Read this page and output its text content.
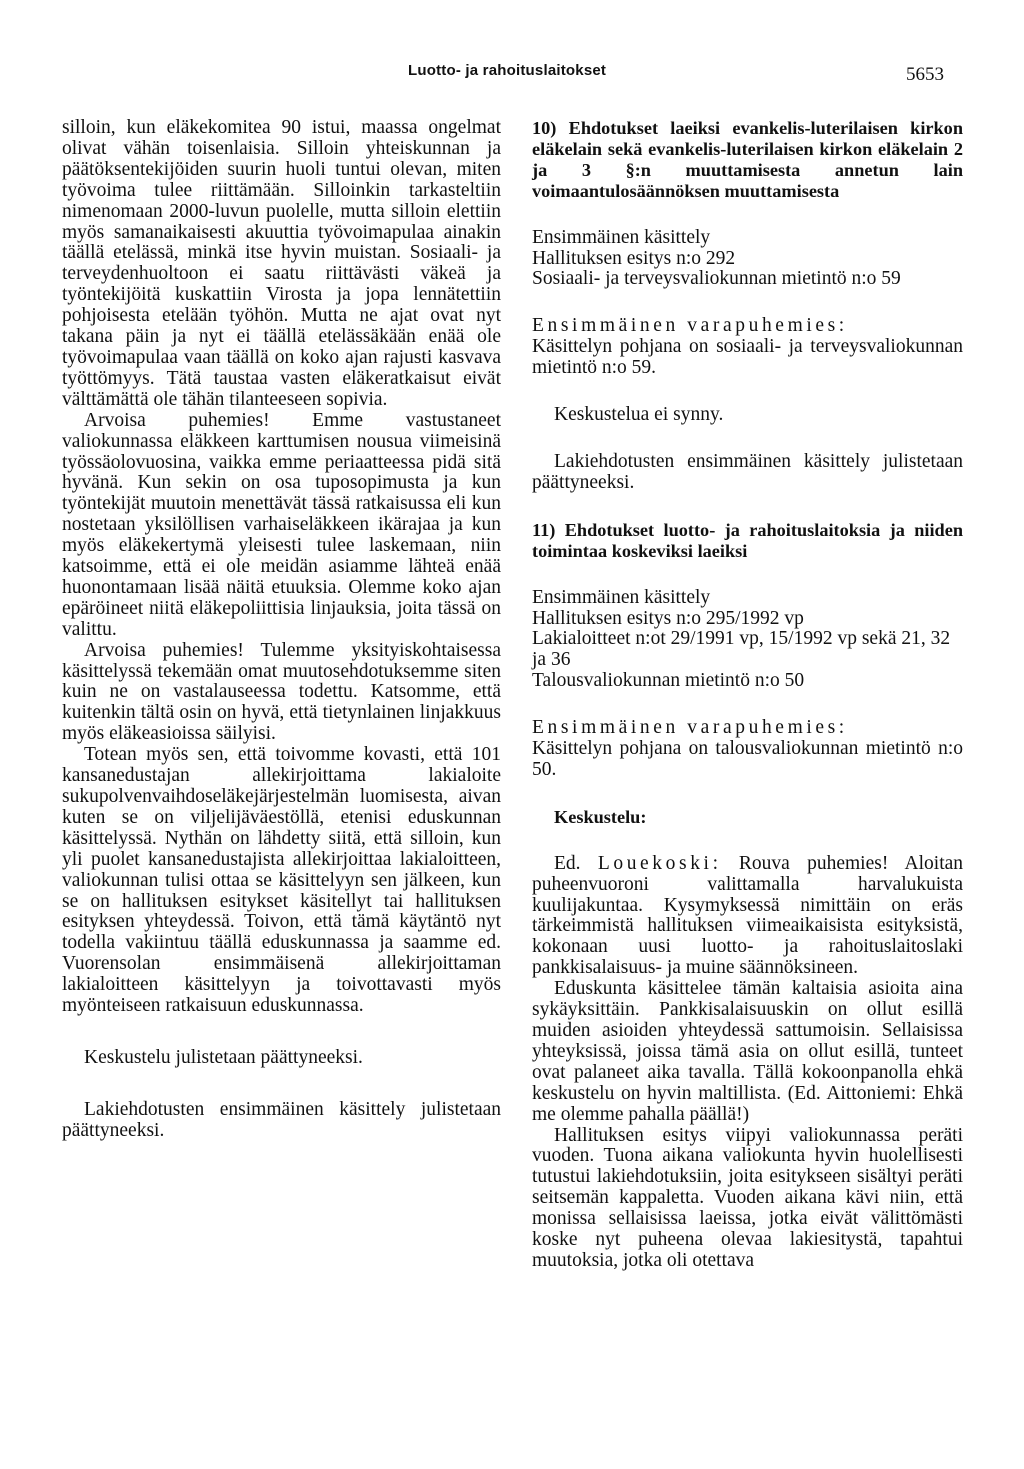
Luotto- ja rahoituslaitokset	5653

silloin, kun eläkekomitea 90 istui, maassa ongelmat olivat vähän toisenlaisia. Silloin yhteiskunnan ja päätöksentekijöiden suurin huoli tuntui olevan, miten työvoima tulee riittämään. Silloinkin tarkasteltiin nimenomaan 2000-luvun puolelle, mutta silloin elettiin myös samanaikaisesti akuuttia työvoimapulaa ainakin täällä etelässä, minkä itse hyvin muistan. Sosiaali- ja terveydenhuoltoon ei saatu riittävästi väkeä ja työntekijöitä kuskattiin Virosta ja jopa lennätettiin pohjoisesta etelään työhön. Mutta ne ajat ovat nyt takana päin ja nyt ei täällä etelässäkään enää ole työvoimapulaa vaan täällä on koko ajan rajusti kasvava työttömyys. Tätä taustaa vasten eläkeratkaisut eivät välttämättä ole tähän tilanteeseen sopivia.

Arvoisa puhemies! Emme vastustaneet valiokunnassa eläkkeen karttumisen nousua viimeisinä työssäolovuosina, vaikka emme periaatteessa pidä sitä hyvänä. Kun sekin on osa tuposopimusta ja kun työntekijät muutoin menettävät tässä ratkaisussa eli kun nostetaan yksilöllisen varhaiseläkkeen ikärajaa ja kun myös eläkekertymä yleisesti tulee laskemaan, niin katsoimme, että ei ole meidän asiamme lähteä enää huonontamaan lisää näitä etuuksia. Olemme koko ajan epäröineet niitä eläkepoliittisia linjauksia, joita tässä on valittu.

Arvoisa puhemies! Tulemme yksityiskohtaisessa käsittelyssä tekemään omat muutosehdotuksemme siten kuin ne on vastalauseessa todettu. Katsomme, että kuitenkin tältä osin on hyvä, että tietynlainen linjakkuus myös eläkeasioissa säilyisi.

Totean myös sen, että toivomme kovasti, että 101 kansanedustajan allekirjoittama lakialoite sukupolvenvaihdoseläkejärjestelmän luomisesta, aivan kuten se on viljelijäväestöllä, etenisi eduskunnan käsittelyssä. Nythän on lähdetty siitä, että silloin, kun yli puolet kansanedustajista allekirjoittaa lakialoitteen, valiokunnan tulisi ottaa se käsittelyyn sen jälkeen, kun se on hallituksen esitykset käsitellyt tai hallituksen esityksen yhteydessä. Toivon, että tämä käytäntö nyt todella vakiintuu täällä eduskunnassa ja saamme ed. Vuorensolan ensimmäisenä allekirjoittaman lakialoitteen käsittelyyn ja toivottavasti myös myönteiseen ratkaisuun eduskunnassa.

Keskustelu julistetaan päättyneeksi.

Lakiehdotusten ensimmäinen käsittely julistetaan päättyneeksi.

10) Ehdotukset laeiksi evankelis-luterilaisen kirkon eläkelain sekä evankelis-luterilaisen kirkon eläkelain 2 ja 3 §:n muuttamisesta annetun lain voimaantulosäännöksen muuttamisesta

Ensimmäinen käsittely

Hallituksen esitys n:o 292

Sosiaali- ja terveysvaliokunnan mietintö n:o 59

Ensimmäinen varapuhemies:

Käsittelyn pohjana on sosiaali- ja terveysvaliokunnan mietintö n:o 59.

Keskustelua ei synny.

Lakiehdotusten ensimmäinen käsittely julistetaan päättyneeksi.

11) Ehdotukset luotto- ja rahoituslaitoksia ja niiden toimintaa koskeviksi laeiksi

Ensimmäinen käsittely

Hallituksen esitys n:o 295/1992 vp

Lakialoitteet n:ot 29/1991 vp, 15/1992 vp sekä 21, 32 ja 36

Talousvaliokunnan mietintö n:o 50

Ensimmäinen varapuhemies:

Käsittelyn pohjana on talousvaliokunnan mietintö n:o 50.

Keskustelu:

Ed. Louekoski: Rouva puhemies! Aloitan puheenvuoroni valittamalla harvalukuista kuulijakuntaa. Kysymyksessä nimittäin on eräs tärkeimmistä hallituksen viimeaikaisista esityksistä, kokonaan uusi luotto- ja rahoituslaitoslaki pankkisalaisuus- ja muine säännöksineen.

Eduskunta käsittelee tämän kaltaisia asioita aina sykäyksittäin. Pankkisalaisuuskin on ollut esillä muiden asioiden yhteydessä sattumoisin. Sellaisissa yhteyksissä, joissa tämä asia on ollut esillä, tunteet ovat palaneet aika tavalla. Tällä kokoonpanolla ehkä keskustelu on hyvin maltillista. (Ed. Aittoniemi: Ehkä me olemme pahalla päällä!)

Hallituksen esitys viipyi valiokunnassa peräti vuoden. Tuona aikana valiokunta hyvin huolellisesti tutustui lakiehdotuksiin, joita esitykseen sisältyi peräti seitsemän kappaletta. Vuoden aikana kävi niin, että monissa sellaisissa laeissa, jotka eivät välittömästi koske nyt puheena olevaa lakiesitystä, tapahtui muutoksia, jotka oli otettava
